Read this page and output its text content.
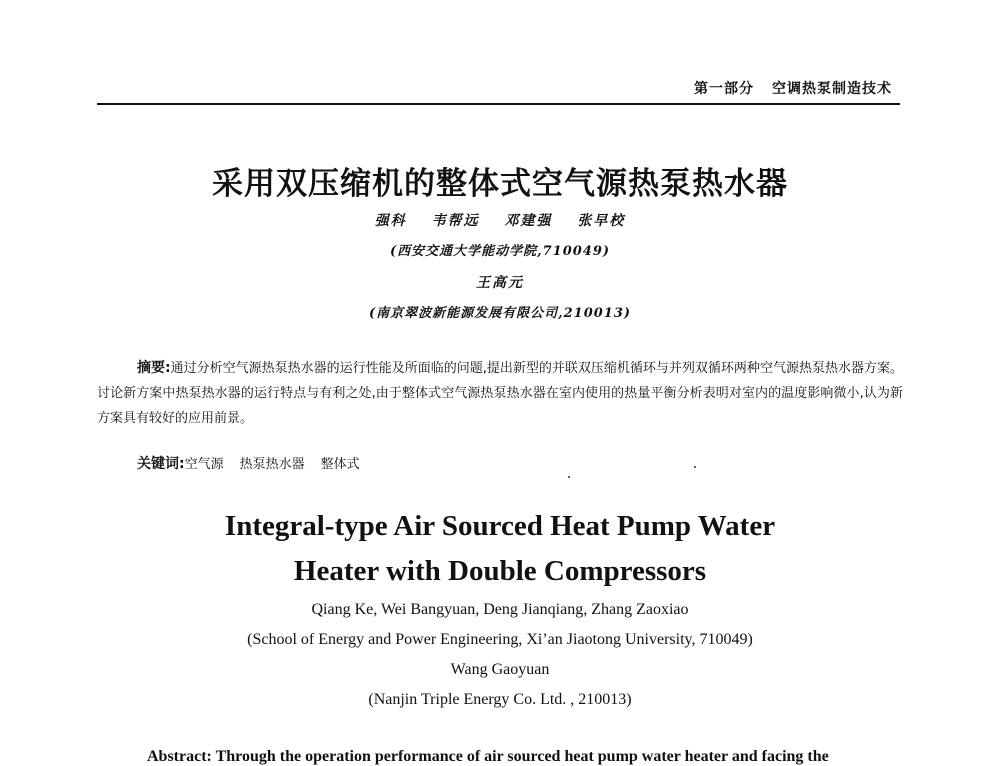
第一部分 空调热泵制造技术
采用双压缩机的整体式空气源热泵热水器
强科 韦帮远 邓建强 张早校
(西安交通大学能动学院,710049)
王高元
(南京翠波新能源发展有限公司,210013)
摘要:通过分析空气源热泵热水器的运行性能及所面临的问题,提出新型的并联双压缩机循环与并列双循环两种空气源热泵热水器方案。讨论新方案中热泵热水器的运行特点与有利之处,由于整体式空气源热泵热水器在室内使用的热量平衡分析表明对室内的温度影响微小,认为新方案具有较好的应用前景。
关键词:空气源 热泵热水器 整体式
Integral-type Air Sourced Heat Pump Water
Heater with Double Compressors
Qiang Ke, Wei Bangyuan, Deng Jianqiang, Zhang Zaoxiao
(School of Energy and Power Engineering, Xi’an Jiaotong University, 710049)
Wang Gaoyuan
(Nanjin Triple Energy Co. Ltd. , 210013)
Abstract: Through the operation performance of air sourced heat pump water heater and facing the
